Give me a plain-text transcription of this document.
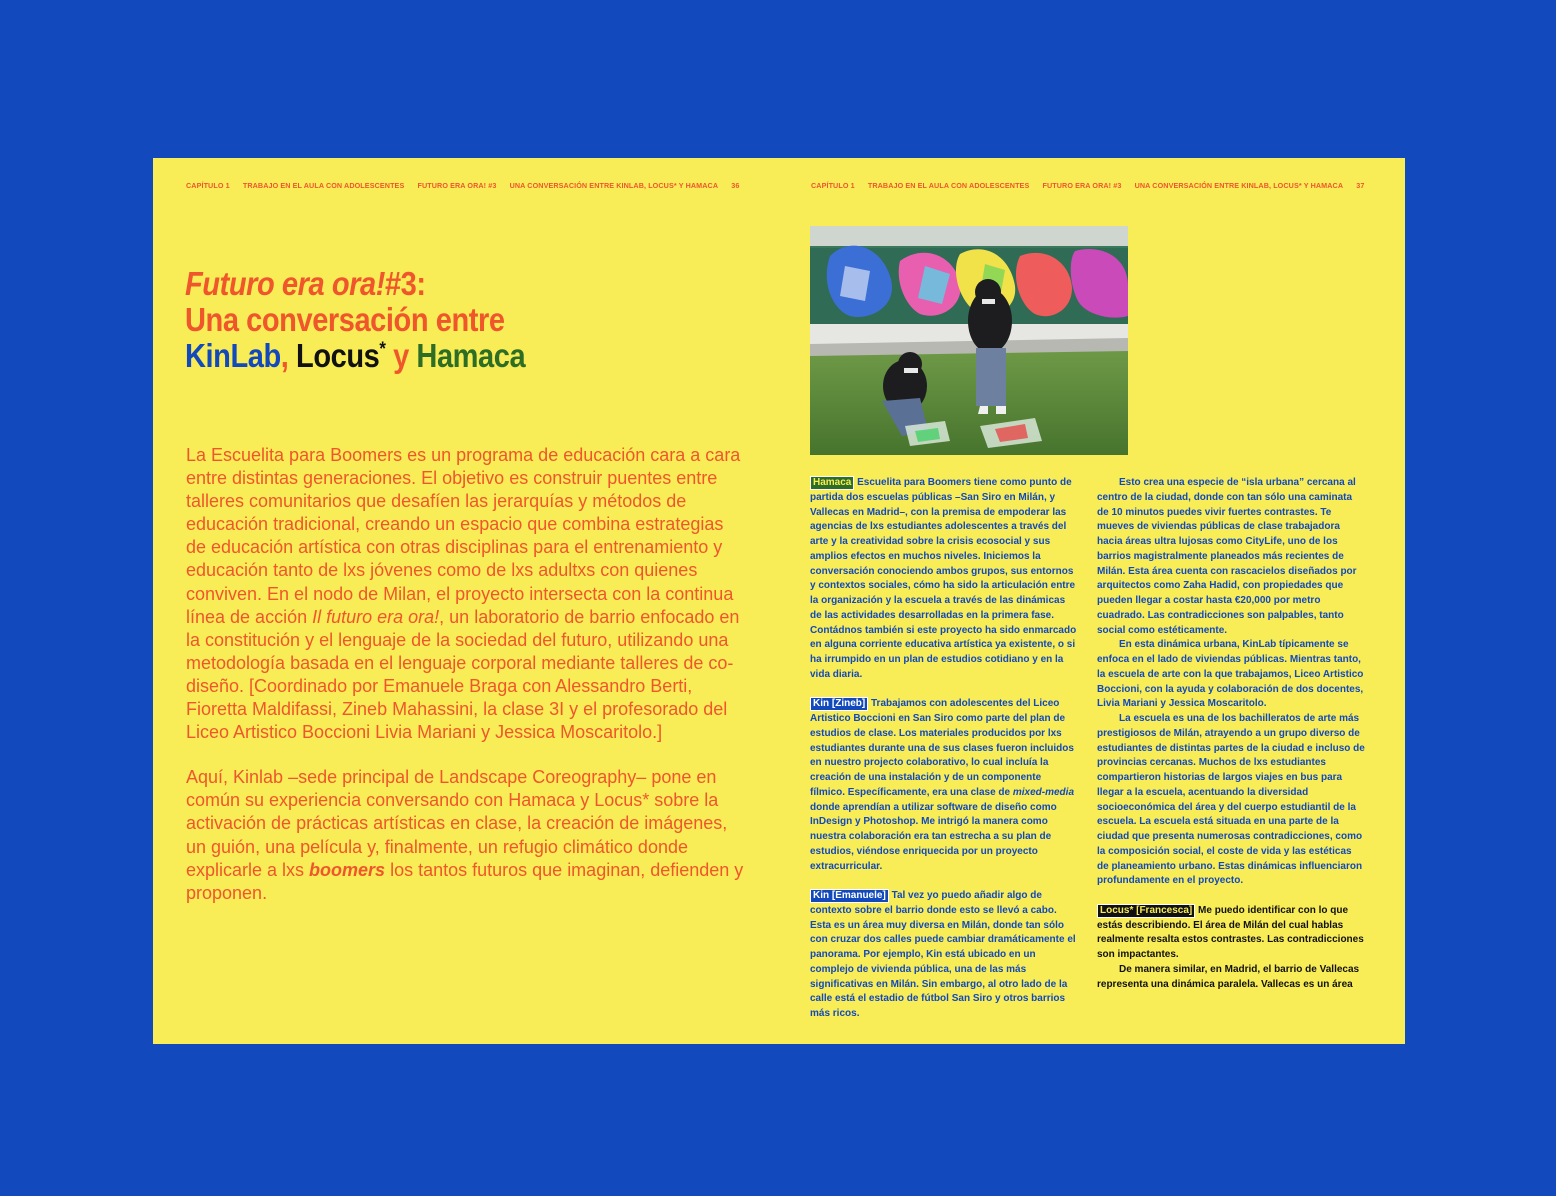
CAPÍTULO 1 TRABAJO EN EL AULA CON ADOLESCENTES FUTURO ERA ORA! #3 UNA CONVERSACIÓN ENTRE KINLAB, LOCUS* Y HAMACA 36	CAPÍTULO 1 TRABAJO EN EL AULA CON ADOLESCENTES FUTURO ERA ORA! #3 UNA CONVERSACIÓN ENTRE KINLAB, LOCUS* Y HAMACA 37
Futuro era ora!#3:
Una conversación entre
KinLab, Locus* y Hamaca

La Escuelita para Boomers es un programa de educación cara a cara entre distintas generaciones. El objetivo es construir puentes entre talleres comunitarios que desafíen las jerarquías y métodos de educación tradicional, creando un espacio que combina estrategias de educación artística con otras disciplinas para el entrenamiento y educación tanto de lxs jóvenes como de lxs adultxs con quienes conviven. En el nodo de Milan, el proyecto intersecta con la continua línea de acción Il futuro era ora!, un laboratorio de barrio enfocado en la constitución y el lenguaje de la sociedad del futuro, utilizando una metodología basada en el lenguaje corporal mediante talleres de co-diseño. [Coordinado por Emanuele Braga con Alessandro Berti, Fioretta Maldifassi, Zineb Mahassini, la clase 3I y el profesorado del Liceo Artistico Boccioni Livia Mariani y Jessica Moscaritolo.]

Aquí, Kinlab –sede principal de Landscape Coreography– pone en común su experiencia conversando con Hamaca y Locus* sobre la activación de prácticas artísticas en clase, la creación de imágenes, un guión, una película y, finalmente, un refugio climático donde explicarle a lxs boomers los tantos futuros que imaginan, defienden y proponen.

Hamaca Escuelita para Boomers tiene como punto de partida dos escuelas públicas –San Siro en Milán, y Vallecas en Madrid–, con la premisa de empoderar las agencias de lxs estudiantes adolescentes a través del arte y la creatividad sobre la crisis ecosocial y sus amplios efectos en muchos niveles. Iniciemos la conversación conociendo ambos grupos, sus entornos y contextos sociales, cómo ha sido la articulación entre la organización y la escuela a través de las dinámicas de las actividades desarrolladas en la primera fase. Contádnos también si este proyecto ha sido enmarcado en alguna corriente educativa artística ya existente, o si ha irrumpido en un plan de estudios cotidiano y en la vida diaria.

Kin [Zineb] Trabajamos con adolescentes del Liceo Artistico Boccioni en San Siro como parte del plan de estudios de clase. Los materiales producidos por lxs estudiantes durante una de sus clases fueron incluidos en nuestro projecto colaborativo, lo cual incluía la creación de una instalación y de un componente fílmico. Específicamente, era una clase de mixed-media donde aprendían a utilizar software de diseño como InDesign y Photoshop. Me intrigó la manera como nuestra colaboración era tan estrecha a su plan de estudios, viéndose enriquecida por un proyecto extracurricular.

Kin [Emanuele] Tal vez yo puedo añadir algo de contexto sobre el barrio donde esto se llevó a cabo. Esta es un área muy diversa en Milán, donde tan sólo con cruzar dos calles puede cambiar dramáticamente el panorama. Por ejemplo, Kin está ubicado en un complejo de vivienda pública, una de las más significativas en Milán. Sin embargo, al otro lado de la calle está el estadio de fútbol San Siro y otros barrios más ricos.

Esto crea una especie de “isla urbana” cercana al centro de la ciudad, donde con tan sólo una caminata de 10 minutos puedes vivir fuertes contrastes. Te mueves de viviendas públicas de clase trabajadora hacia áreas ultra lujosas como CityLife, uno de los barrios magistralmente planeados más recientes de Milán. Esta área cuenta con rascacielos diseñados por arquitectos como Zaha Hadid, con propiedades que pueden llegar a costar hasta €20,000 por metro cuadrado. Las contradicciones son palpables, tanto social como estéticamente.

En esta dinámica urbana, KinLab típicamente se enfoca en el lado de viviendas públicas. Mientras tanto, la escuela de arte con la que trabajamos, Liceo Artistico Boccioni, con la ayuda y colaboración de dos docentes, Livia Mariani y Jessica Moscaritolo.

La escuela es una de los bachilleratos de arte más prestigiosos de Milán, atrayendo a un grupo diverso de estudiantes de distintas partes de la ciudad e incluso de provincias cercanas. Muchos de lxs estudiantes compartieron historias de largos viajes en bus para llegar a la escuela, acentuando la diversidad socioeconómica del área y del cuerpo estudiantil de la escuela. La escuela está situada en una parte de la ciudad que presenta numerosas contradicciones, como la composición social, el coste de vida y las estéticas de planeamiento urbano. Estas dinámicas influenciaron profundamente en el proyecto.

Locus* [Francesca] Me puedo identificar con lo que estás describiendo. El área de Milán del cual hablas realmente resalta estos contrastes. Las contradicciones son impactantes.

De manera similar, en Madrid, el barrio de Vallecas representa una dinámica paralela. Vallecas es un área
